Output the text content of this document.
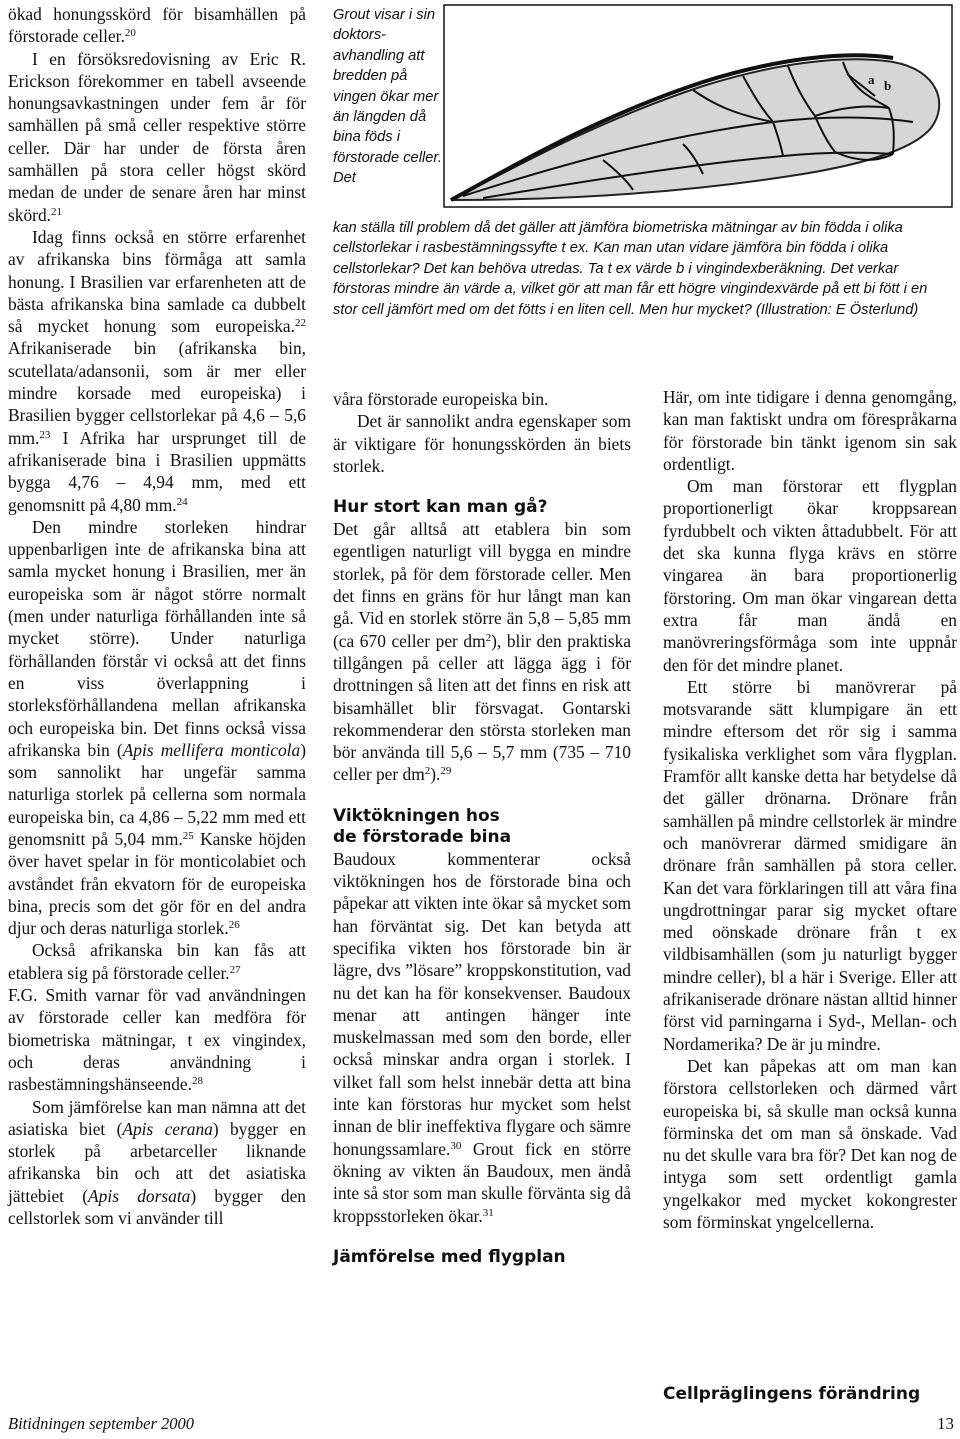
ökad honungsskörd för bisamhällen på förstorade celler.$^{20}$

I en försöksredovisning av Eric R. Erickson förekommer en tabell avseende honungsavkastningen under fem år för samhällen på små celler respektive större celler. Där har under de första åren samhällen på stora celler högst skörd medan de under de senare åren har minst skörd.$^{21}$

Idag finns också en större erfarenhet av afrikanska bins förmåga att samla honung. I Brasilien var erfarenheten att de bästa afrikanska bina samlade ca dubbelt så mycket honung som europeiska.$^{22}$ Afrikaniserade bin (afrikanska bin, scutellata/adansonii, som är mer eller mindre korsade med europeiska) i Brasilien bygger cellstorlekar på 4,6 – 5,6 mm.$^{23}$ I Afrika har ursprunget till de afrikaniserade bina i Brasilien uppmätts bygga 4,76 – 4,94 mm, med ett genomsnitt på 4,80 mm.$^{24}$

Den mindre storleken hindrar uppenbarligen inte de afrikanska bina att samla mycket honung i Brasilien, mer än europeiska som är något större normalt (men under naturliga förhållanden inte så mycket större). Under naturliga förhållanden förstår vi också att det finns en viss överlappning i storleksförhållandena mellan afrikanska och europeiska bin. Det finns också vissa afrikanska bin (Apis mellifera monticola) som sannolikt har ungefär samma naturliga storlek på cellerna som normala europeiska bin, ca 4,86 – 5,22 mm med ett genomsnitt på 5,04 mm.$^{25}$ Kanske höjden över havet spelar in för monticolabiet och avståndet från ekvatorn för de europeiska bina, precis som det gör för en del andra djur och deras naturliga storlek.$^{26}$

Också afrikanska bin kan fås att etablera sig på förstorade celler.$^{27}$

F.G. Smith varnar för vad användningen av förstorade celler kan medföra för biometriska mätningar, t ex vingindex, och deras användning i rasbestämningshänseende.$^{28}$

Som jämförelse kan man nämna att det asiatiska biet (Apis cerana) bygger en storlek på arbetarceller liknande afrikanska bin och att det asiatiska jättebiet (Apis dorsata) bygger den cellstorlek som vi använder till

Grout visar i sin doktors-avhandling att bredden på vingen ökar mer än längden då bina föds i förstorade celler. Det
a b
kan ställa till problem då det gäller att jämföra biometriska mätningar av bin födda i olika cellstorlekar i rasbestämningssyfte t ex. Kan man utan vidare jämföra bin födda i olika cellstorlekar? Det kan behöva utredas. Ta t ex värde b i vingindexberäkning. Det verkar förstoras mindre än värde a, vilket gör att man får ett högre vingindexvärde på ett bi fött i en stor cell jämfört med om det fötts i en liten cell. Men hur mycket? (Illustration: E Österlund)

våra förstorade europeiska bin.

Det är sannolikt andra egenskaper som är viktigare för honungsskörden än biets storlek.

Hur stort kan man gå?

Det går alltså att etablera bin som egentligen naturligt vill bygga en mindre storlek, på för dem förstorade celler. Men det finns en gräns för hur långt man kan gå. Vid en storlek större än 5,8 – 5,85 mm (ca 670 celler per $dm^2$), blir den praktiska tillgången på celler att lägga ägg i för drottningen så liten att det finns en risk att bisamhället blir försvagat. Gontarski rekommenderar den största storleken man bör använda till 5,6 – 5,7 mm (735 – 710 celler per $dm^2).^{29}$

Viktökningen hos
de förstorade bina

Baudoux kommenterar också viktökningen hos de förstorade bina och påpekar att vikten inte ökar så mycket som han förväntat sig. Det kan betyda att specifika vikten hos förstorade bin är lägre, dvs ”lösare” kroppskonstitution, vad nu det kan ha för konsekvenser. Baudoux menar att antingen hänger inte muskelmassan med som den borde, eller också minskar andra organ i storlek. I vilket fall som helst innebär detta att bina inte kan förstoras hur mycket som helst innan de blir ineffektiva flygare och sämre honungssamlare.$^{30}$ Grout fick en större ökning av vikten än Baudoux, men ändå inte så stor som man skulle förvänta sig då kroppsstorleken ökar.$^{31}$

Jämförelse med flygplan

Här, om inte tidigare i denna genomgång, kan man faktiskt undra om förespråkarna för förstorade bin tänkt igenom sin sak ordentligt.

Om man förstorar ett flygplan proportionerligt ökar kroppsarean fyrdubbelt och vikten åttadubbelt. För att det ska kunna flyga krävs en större vingarea än bara proportionerlig förstoring. Om man ökar vingarean detta extra får man ändå en manövreringsförmåga som inte uppnår den för det mindre planet.

Ett större bi manövrerar på motsvarande sätt klumpigare än ett mindre eftersom det rör sig i samma fysikaliska verklighet som våra flygplan. Framför allt kanske detta har betydelse då det gäller drönarna. Drönare från samhällen på mindre cellstorlek är mindre och manövrerar därmed smidigare än drönare från samhällen på stora celler. Kan det vara förklaringen till att våra fina ungdrottningar parar sig mycket oftare med oönskade drönare från t ex vildbisamhällen (som ju naturligt bygger mindre celler), bl a här i Sverige. Eller att afrikaniserade drönare nästan alltid hinner först vid parningarna i Syd-, Mellan- och Nordamerika? De är ju mindre.

Det kan påpekas att om man kan förstora cellstorleken och därmed vårt europeiska bi, så skulle man också kunna förminska det om man så önskade. Vad nu det skulle vara bra för? Det kan nog de intyga som sett ordentligt gamla yngelkakor med mycket kokongrester som förminskat yngelcellerna.

Cellpräglingens förändring
Bitidningen september 2000	13
